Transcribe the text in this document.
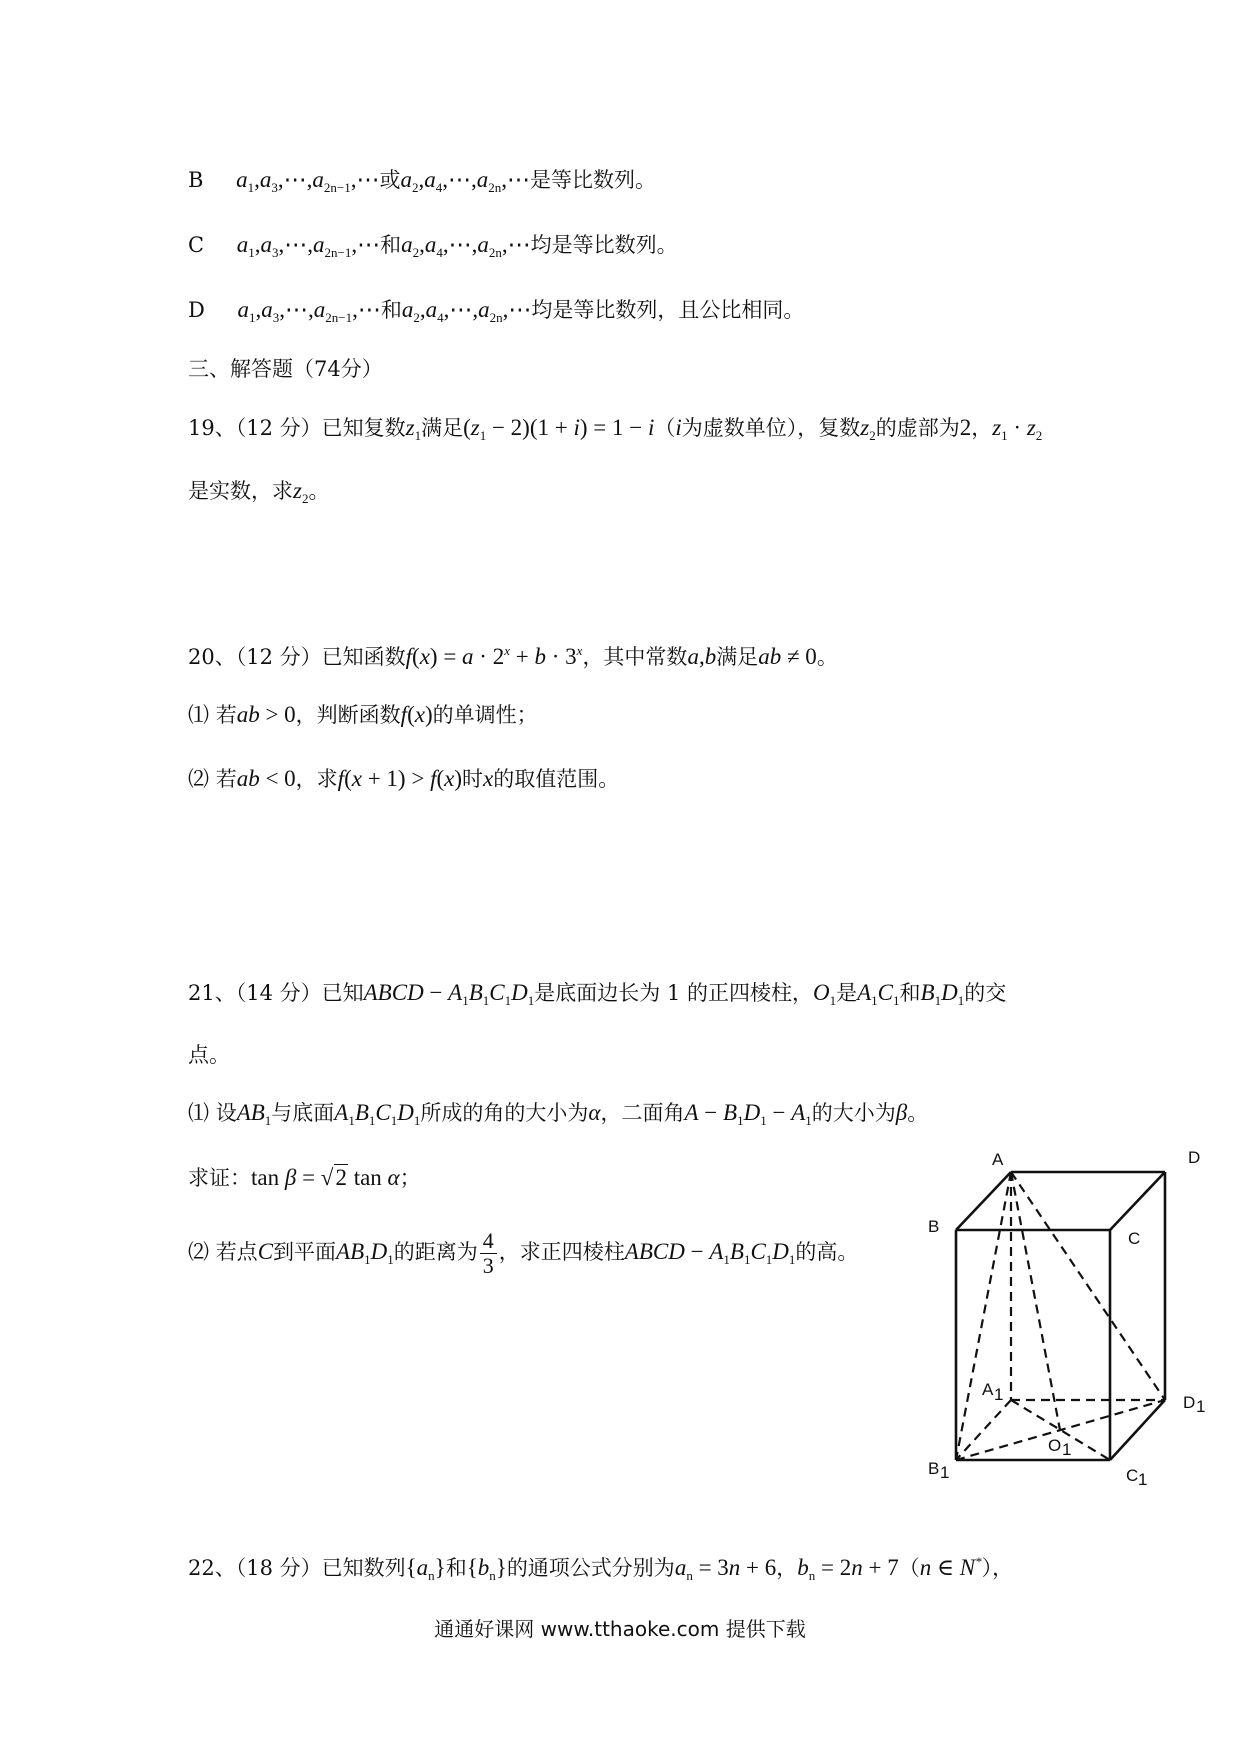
B $a_1,a_3,\cdots,a_{2n-1},\cdots$或$a_2,a_4,\cdots,a_{2n},\cdots$是等比数列。
C $a_1,a_3,\cdots,a_{2n-1},\cdots$和$a_2,a_4,\cdots,a_{2n},\cdots$均是等比数列。
D $a_1,a_3,\cdots,a_{2n-1},\cdots$和$a_2,a_4,\cdots,a_{2n},\cdots$均是等比数列，且公比相同。
三、解答题（74分）
19、（12 分）已知复数$z_1$满足$(z_1 - 2)(1 + i) = 1 - i(i$为虚数单位），复数$z_2$的虚部为2，$z_1 \cdot z_2$
是实数，求$z_2$。
20、（12 分）已知函数$f(x) = a \cdot 2^x + b \cdot 3^x$，其中常数a,b满足ab ≠ 0。
⑴ 若ab > 0，判断函数f(x)的单调性；
⑵ 若ab < 0，求f(x + 1) > f(x)时x的取值范围。
21、（14 分）已知ABCD − $A_1B_1C_1D_1$是底面边长为 1 的正四棱柱，$O_1$是$A_1C_1$和$B_1D_1$的交
点。
⑴ 设$AB_1$与底面$A_1B_1C_1D_1$所成的角的大小为α，二面角$A - B_1D_1 - A_1$的大小为β。
求证：tan β = √2 tan α；
⑵ 若点C到平面$AB_1D_1$的距离为 $\frac{4}{3}$ ，求正四棱柱ABCD − $A_1B_1C_1D_1$的高。
A	D
B
C
A 1	D 1
B 1	C 1
O 1
22、（18 分）已知数列$\{a_n\}$和$\{b_n\}$的通项公式分别为$a_n = 3n + 6$，$b_n = 2n + 7(n$ ∈ N*），
通通好课网 www.tthaoke.com 提供下载
